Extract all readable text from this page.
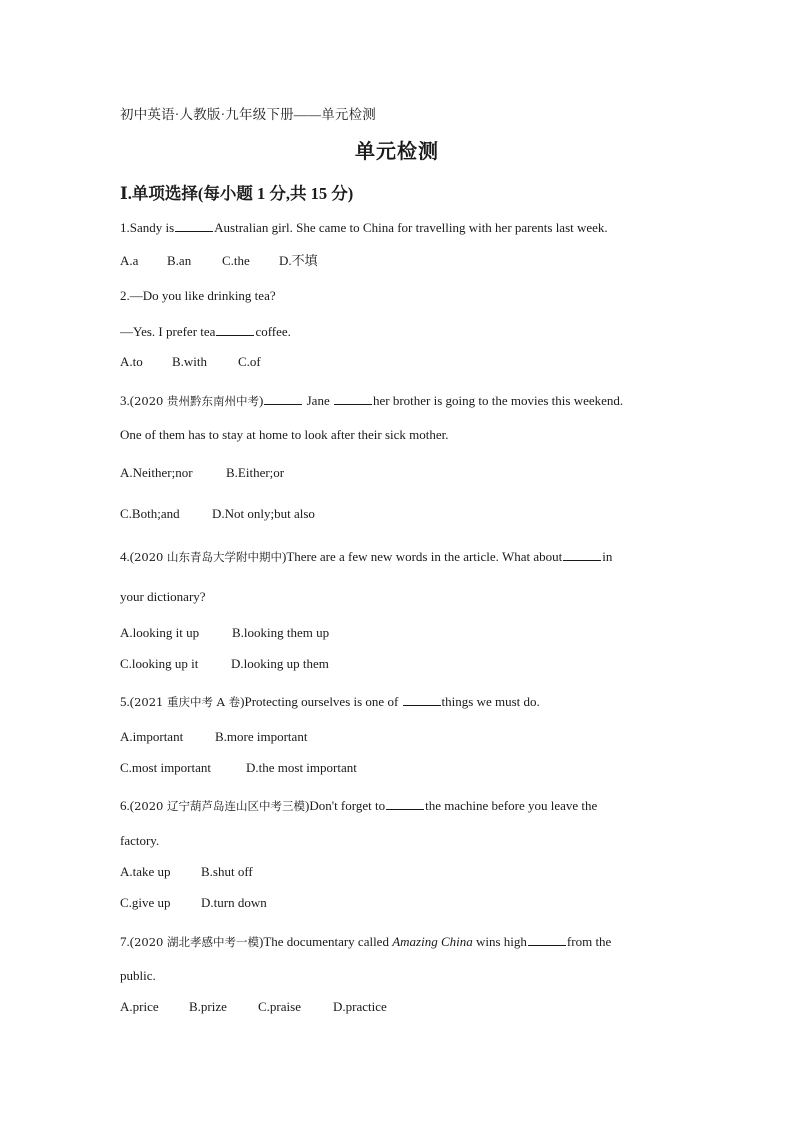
初中英语·人教版·九年级下册——单元检测
单元检测
Ⅰ.单项选择(每小题 1 分,共 15 分)
1.Sandy is	Australian girl. She came to China for travelling with her parents last week.
A.a B.an C.the D.不填
2.—Do you like drinking tea?
—Yes. I prefer tea	coffee.
A.to B.with C.of
3.(2020 贵州黔东南州中考)	Jane	her brother is going to the movies this weekend.
One of them has to stay at home to look after their sick mother.
A.Neither;nor	B.Either;or
C.Both;and D.Not only;but also
4.(2020 山东青岛大学附中期中)There are a few new words in the article. What about	in
your dictionary?
A.looking it up	B.looking them up
C.looking up it	D.looking up them
5.(2021 重庆中考 A 卷)Protecting ourselves is one of	things we must do.
A.important B.more important
C.most important	D.the most important
6.(2020 辽宁葫芦岛连山区中考三模)Don't forget to	the machine before you leave the
factory.
A.take up B.shut off
C.give up D.turn down
7.(2020 湖北孝感中考一模)The documentary called Amazing China wins high	from the
public.
A.price B.prize C.praise D.practice
